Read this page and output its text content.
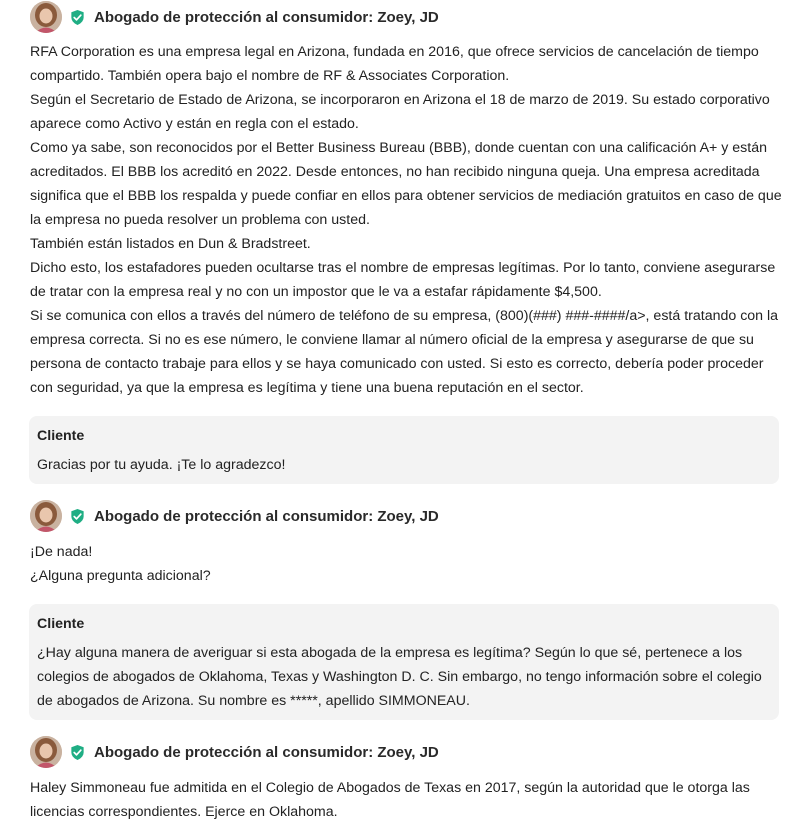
Abogado de protección al consumidor: Zoey, JD

RFA Corporation es una empresa legal en Arizona, fundada en 2016, que ofrece servicios de cancelación de tiempo compartido. También opera bajo el nombre de RF & Associates Corporation.

Según el Secretario de Estado de Arizona, se incorporaron en Arizona el 18 de marzo de 2019. Su estado corporativo aparece como Activo y están en regla con el estado.

Como ya sabe, son reconocidos por el Better Business Bureau (BBB), donde cuentan con una calificación A+ y están acreditados. El BBB los acreditó en 2022. Desde entonces, no han recibido ninguna queja. Una empresa acreditada significa que el BBB los respalda y puede confiar en ellos para obtener servicios de mediación gratuitos en caso de que la empresa no pueda resolver un problema con usted.

También están listados en Dun & Bradstreet.

Dicho esto, los estafadores pueden ocultarse tras el nombre de empresas legítimas. Por lo tanto, conviene asegurarse de tratar con la empresa real y no con un impostor que le va a estafar rápidamente $4,500.

Si se comunica con ellos a través del número de teléfono de su empresa, (800)(###) ###-####/a>, está tratando con la empresa correcta. Si no es ese número, le conviene llamar al número oficial de la empresa y asegurarse de que su persona de contacto trabaje para ellos y se haya comunicado con usted. Si esto es correcto, debería poder proceder con seguridad, ya que la empresa es legítima y tiene una buena reputación en el sector.

Cliente

Gracias por tu ayuda. ¡Te lo agradezco!

Abogado de protección al consumidor: Zoey, JD

¡De nada!

¿Alguna pregunta adicional?

Cliente

¿Hay alguna manera de averiguar si esta abogada de la empresa es legítima? Según lo que sé, pertenece a los colegios de abogados de Oklahoma, Texas y Washington D. C. Sin embargo, no tengo información sobre el colegio de abogados de Arizona. Su nombre es *****, apellido SIMMONEAU.

Abogado de protección al consumidor: Zoey, JD

Haley Simmoneau fue admitida en el Colegio de Abogados de Texas en 2017, según la autoridad que le otorga las licencias correspondientes. Ejerce en Oklahoma.
